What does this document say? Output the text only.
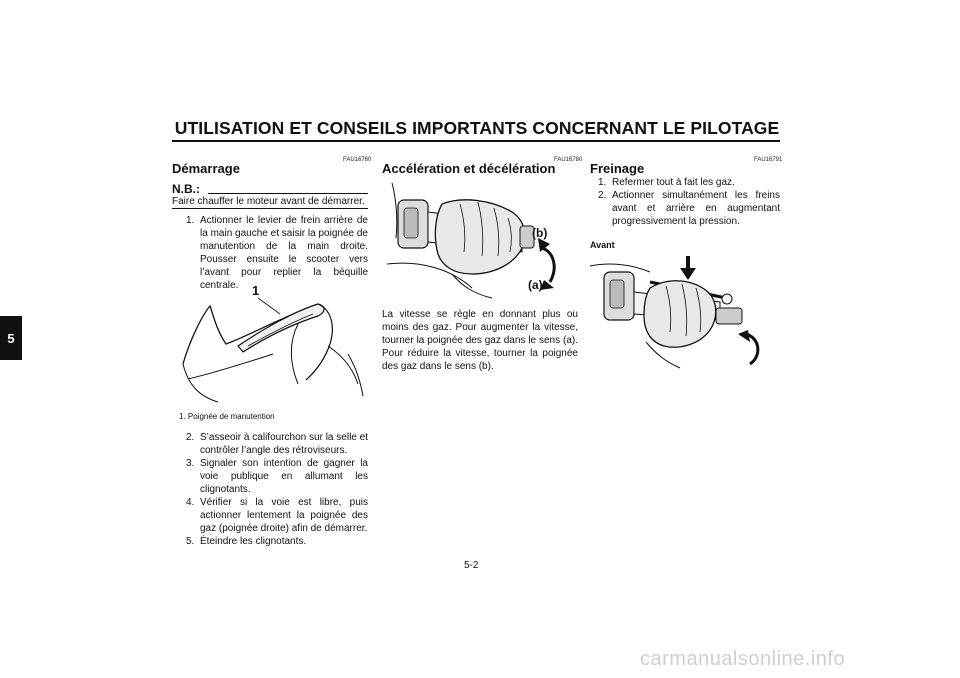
UTILISATION ET CONSEILS IMPORTANTS CONCERNANT LE PILOTAGE
5
FAU16760
Démarrage
N.B.:
Faire chauffer le moteur avant de démarrer.
1. Actionner le levier de frein arrière de la main gauche et saisir la poignée de manutention de la main droite. Pousser ensuite le scooter vers l’avant pour replier la béquille centrale.	1
1. Poignée de manutention
2. S’asseoir à califourchon sur la selle et contrôler l’angle des rétroviseurs.
3. Signaler son intention de gagner la voie publique en allumant les clignotants.
4. Vérifier si la voie est libre, puis actionner lentement la poignée des gaz (poignée droite) afin de démarrer.
5. Éteindre les clignotants.
FAU16780
Accélération et décélération
(b)
(a)
La vitesse se règle en donnant plus ou moins des gaz. Pour augmenter la vitesse, tourner la poignée des gaz dans le sens (a). Pour réduire la vitesse, tourner la poignée des gaz dans le sens (b).
FAU16791
Freinage
1. Refermer tout à fait les gaz.
2. Actionner simultanément les freins avant et arrière en augmentant progressivement la pression.
Avant
5-2
carmanualsonline.info
